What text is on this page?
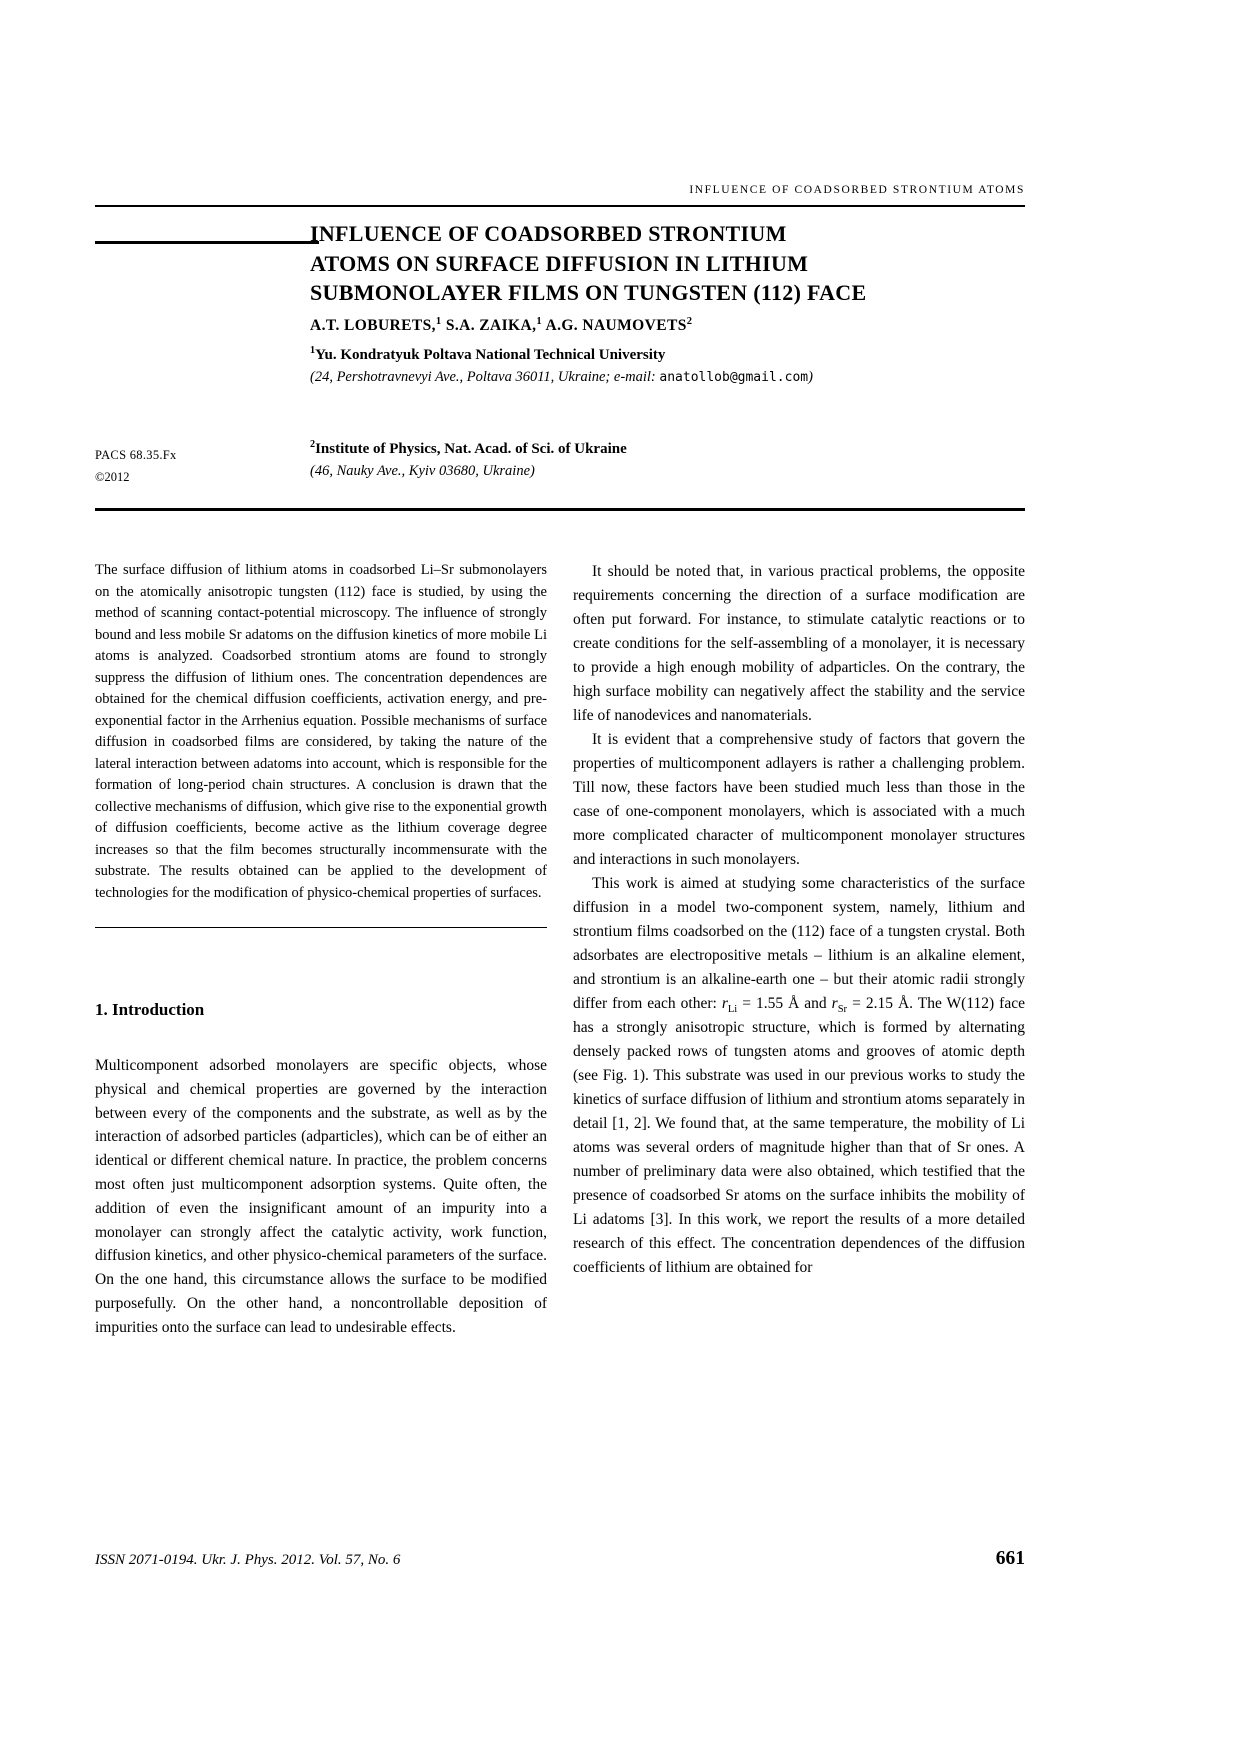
INFLUENCE OF COADSORBED STRONTIUM ATOMS
INFLUENCE OF COADSORBED STRONTIUM
ATOMS ON SURFACE DIFFUSION IN LITHIUM
SUBMONOLAYER FILMS ON TUNGSTEN (112) FACE
A.T. LOBURETS,$^1$ S.A. ZAIKA,$^1$ A.G. NAUMOVETS$^2$
$^1$Yu. Kondratyuk Poltava National Technical University
(24, Pershotravnevyi Ave., Poltava 36011, Ukraine; e-mail: anatollob@gmail.com)
$^2$Institute of Physics, Nat. Acad. of Sci. of Ukraine
(46, Nauky Ave., Kyiv 03680, Ukraine)
PACS 68.35.Fx
©2012
The surface diffusion of lithium atoms in coadsorbed Li–Sr submonolayers on the atomically anisotropic tungsten (112) face is studied, by using the method of scanning contact-potential microscopy. The influence of strongly bound and less mobile Sr adatoms on the diffusion kinetics of more mobile Li atoms is analyzed. Coadsorbed strontium atoms are found to strongly suppress the diffusion of lithium ones. The concentration dependences are obtained for the chemical diffusion coefficients, activation energy, and pre-exponential factor in the Arrhenius equation. Possible mechanisms of surface diffusion in coadsorbed films are considered, by taking the nature of the lateral interaction between adatoms into account, which is responsible for the formation of long-period chain structures. A conclusion is drawn that the collective mechanisms of diffusion, which give rise to the exponential growth of diffusion coefficients, become active as the lithium coverage degree increases so that the film becomes structurally incommensurate with the substrate. The results obtained can be applied to the development of technologies for the modification of physico-chemical properties of surfaces.
1. Introduction
Multicomponent adsorbed monolayers are specific objects, whose physical and chemical properties are governed by the interaction between every of the components and the substrate, as well as by the interaction of adsorbed particles (adparticles), which can be of either an identical or different chemical nature. In practice, the problem concerns most often just multicomponent adsorption systems. Quite often, the addition of even the insignificant amount of an impurity into a monolayer can strongly affect the catalytic activity, work function, diffusion kinetics, and other physico-chemical parameters of the surface. On the one hand, this circumstance allows the surface to be modified purposefully. On the other hand, a noncontrollable deposition of impurities onto the surface can lead to undesirable effects.
It should be noted that, in various practical problems, the opposite requirements concerning the direction of a surface modification are often put forward. For instance, to stimulate catalytic reactions or to create conditions for the self-assembling of a monolayer, it is necessary to provide a high enough mobility of adparticles. On the contrary, the high surface mobility can negatively affect the stability and the service life of nanodevices and nanomaterials.
It is evident that a comprehensive study of factors that govern the properties of multicomponent adlayers is rather a challenging problem. Till now, these factors have been studied much less than those in the case of one-component monolayers, which is associated with a much more complicated character of multicomponent monolayer structures and interactions in such monolayers.
This work is aimed at studying some characteristics of the surface diffusion in a model two-component system, namely, lithium and strontium films coadsorbed on the (112) face of a tungsten crystal. Both adsorbates are electropositive metals – lithium is an alkaline element, and strontium is an alkaline-earth one – but their atomic radii strongly differ from each other: $r_{Li} = 1.55$ Å and $r_{Sr} = 2.15$ Å. The W(112) face has a strongly anisotropic structure, which is formed by alternating densely packed rows of tungsten atoms and grooves of atomic depth (see Fig. 1). This substrate was used in our previous works to study the kinetics of surface diffusion of lithium and strontium atoms separately in detail [1, 2]. We found that, at the same temperature, the mobility of Li atoms was several orders of magnitude higher than that of Sr ones. A number of preliminary data were also obtained, which testified that the presence of coadsorbed Sr atoms on the surface inhibits the mobility of Li adatoms [3]. In this work, we report the results of a more detailed research of this effect. The concentration dependences of the diffusion coefficients of lithium are obtained for
ISSN 2071-0194. Ukr. J. Phys. 2012. Vol. 57, No. 6	661
